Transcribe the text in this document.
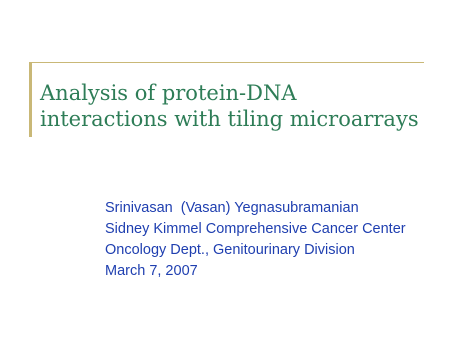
Analysis of protein-DNA
interactions with tiling microarrays
Srinivasan  (Vasan) Yegnasubramanian
Sidney Kimmel Comprehensive Cancer Center
Oncology Dept., Genitourinary Division
March 7, 2007
